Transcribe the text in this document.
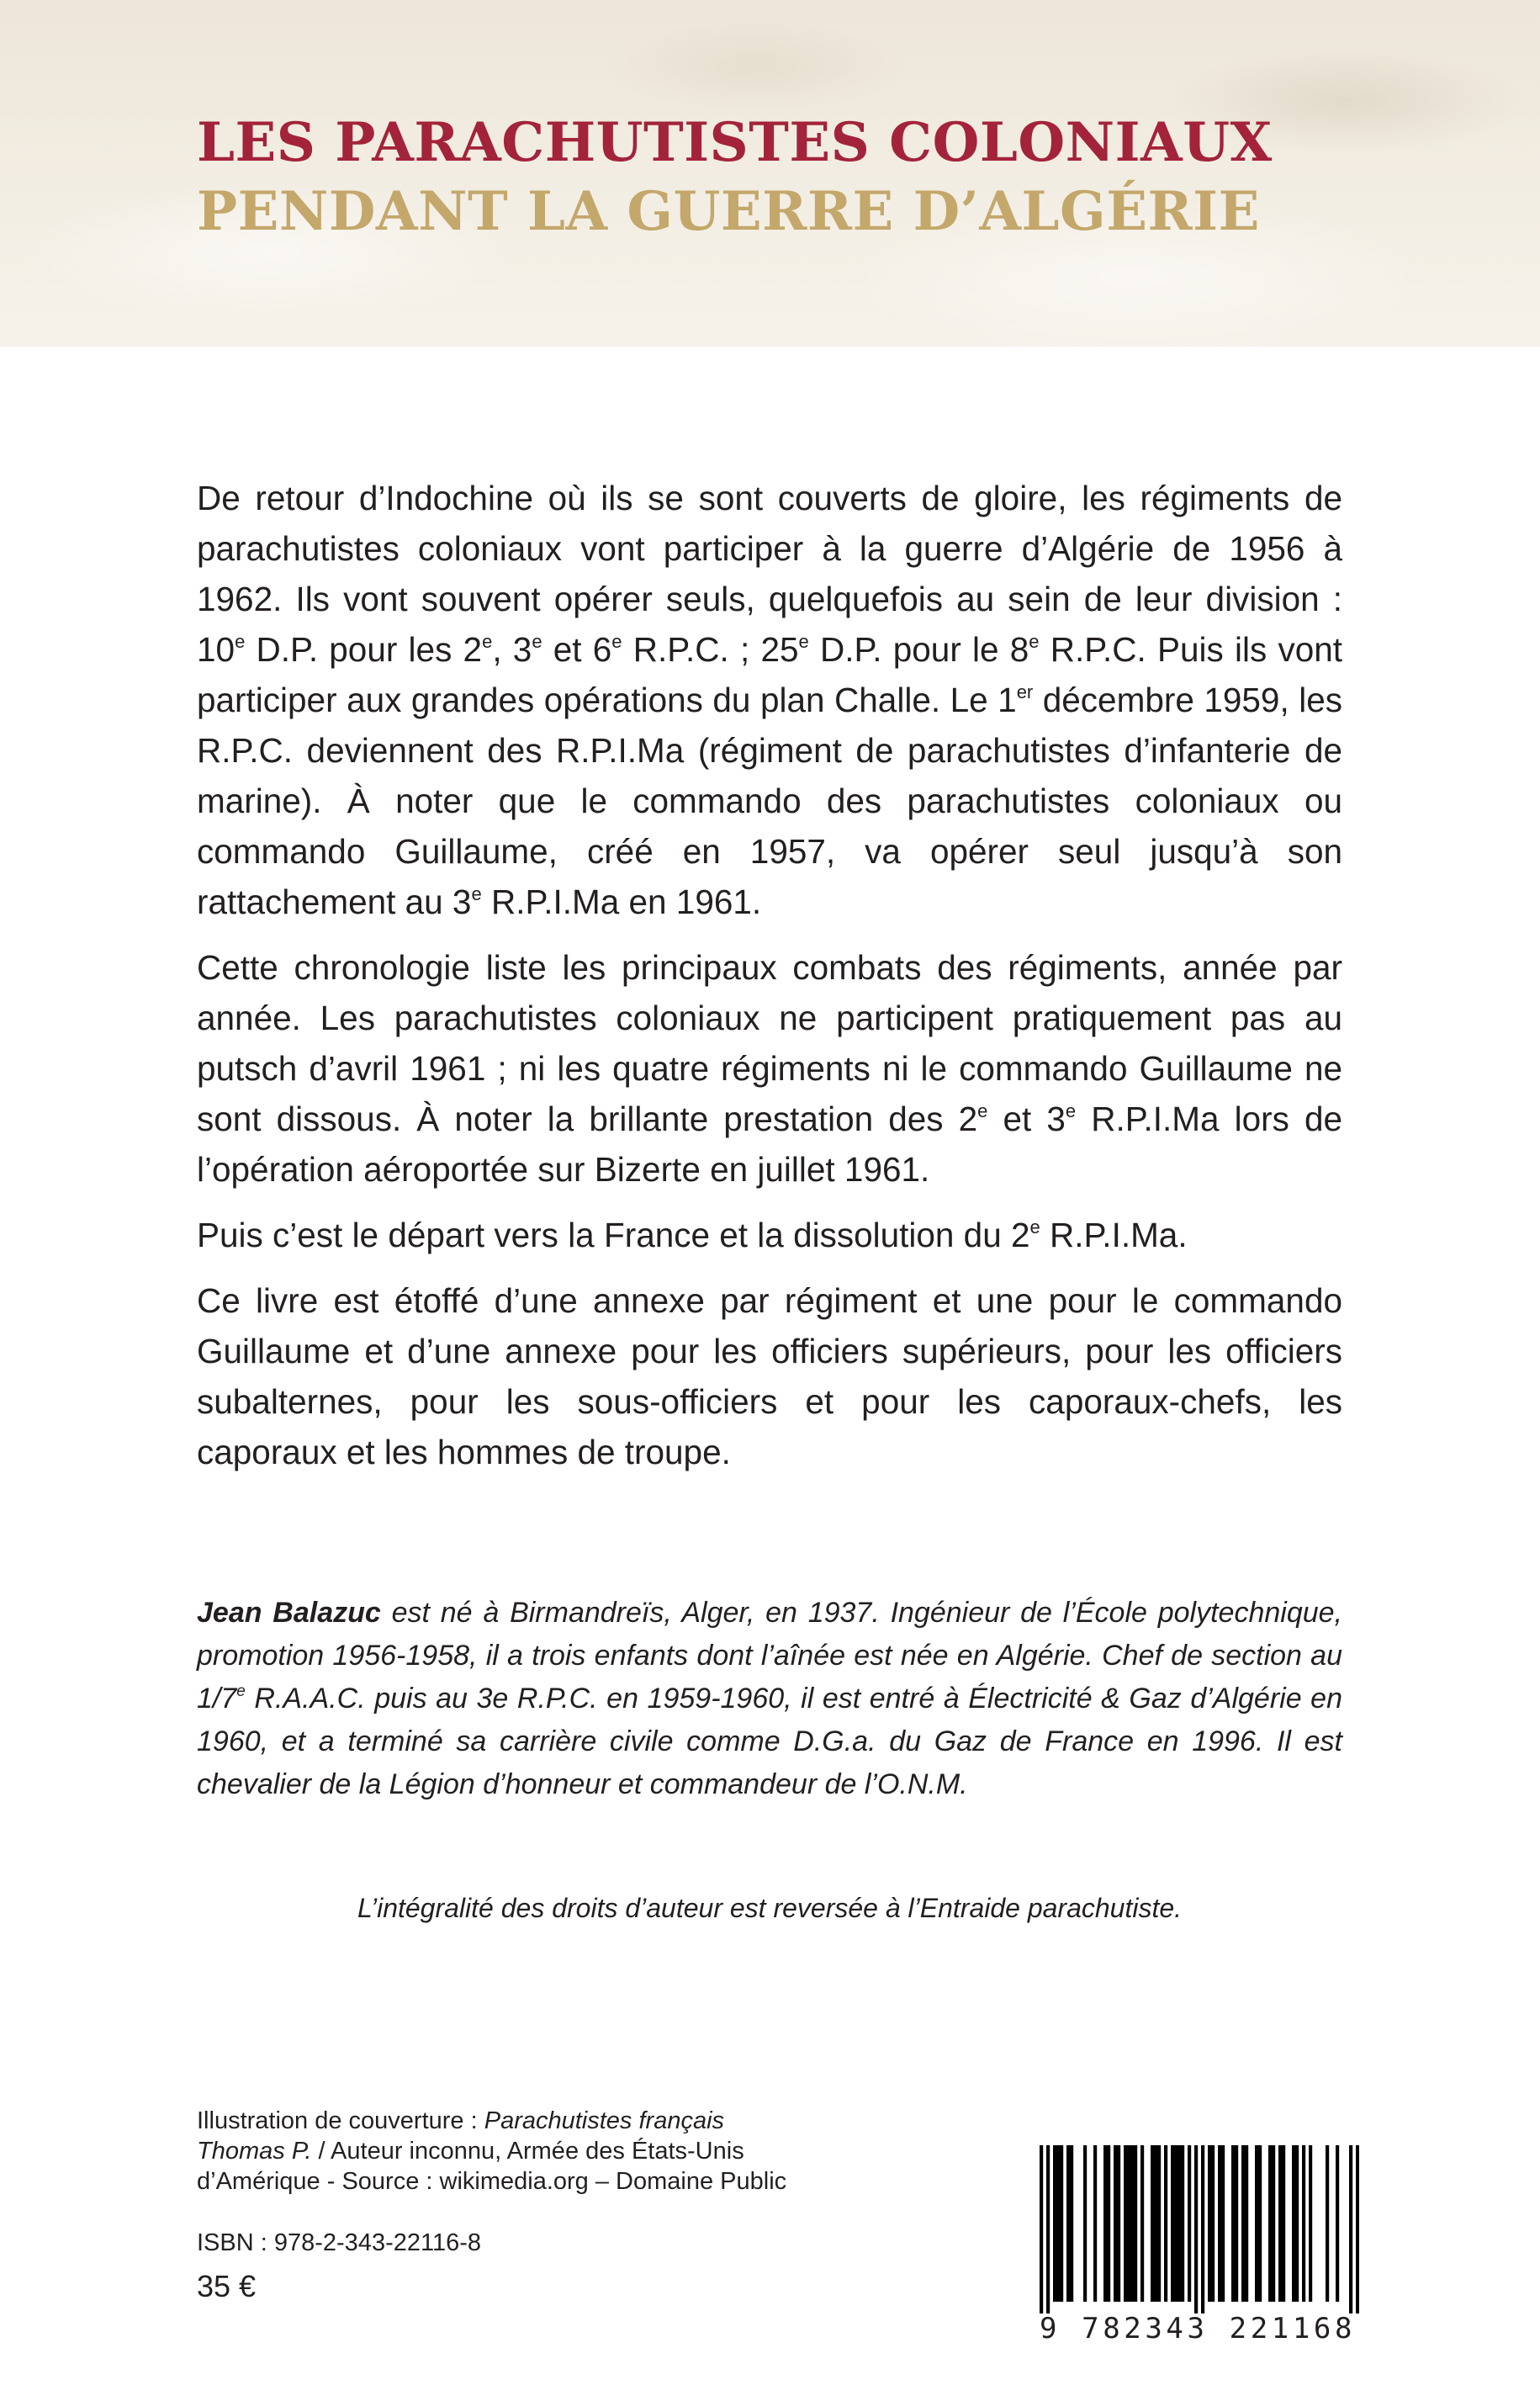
LES PARACHUTISTES COLONIAUX
PENDANT LA GUERRE D’ALGÉRIE

De retour d’Indochine où ils se sont couverts de gloire, les régiments de parachutistes coloniaux vont participer à la guerre d’Algérie de 1956 à 1962. Ils vont souvent opérer seuls, quelquefois au sein de leur division : 10e D.P. pour les 2e, 3e et 6e R.P.C. ; 25e D.P. pour le 8e R.P.C. Puis ils vont participer aux grandes opérations du plan Challe. Le 1er décembre 1959, les R.P.C. deviennent des R.P.I.Ma (régiment de parachutistes d’infanterie de marine). À noter que le commando des parachutistes coloniaux ou commando Guillaume, créé en 1957, va opérer seul jusqu’à son rattachement au 3e R.P.I.Ma en 1961.

Cette chronologie liste les principaux combats des régiments, année par année. Les parachutistes coloniaux ne participent pratiquement pas au putsch d’avril 1961 ; ni les quatre régiments ni le commando Guillaume ne sont dissous. À noter la brillante prestation des 2e et 3e R.P.I.Ma lors de l’opération aéroportée sur Bizerte en juillet 1961.

Puis c’est le départ vers la France et la dissolution du 2e R.P.I.Ma.

Ce livre est étoffé d’une annexe par régiment et une pour le commando Guillaume et d’une annexe pour les officiers supérieurs, pour les officiers subalternes, pour les sous-officiers et pour les caporaux-chefs, les caporaux et les hommes de troupe.

Jean Balazuc est né à Birmandreïs, Alger, en 1937. Ingénieur de l’École polytechnique, promotion 1956-1958, il a trois enfants dont l’aînée est née en Algérie. Chef de section au 1/7e R.A.A.C. puis au 3e R.P.C. en 1959-1960, il est entré à Électricité & Gaz d’Algérie en 1960, et a terminé sa carrière civile comme D.G.a. du Gaz de France en 1996. Il est chevalier de la Légion d’honneur et commandeur de l’O.N.M.

L’intégralité des droits d’auteur est reversée à l’Entraide parachutiste.

Illustration de couverture : Parachutistes français
Thomas P. / Auteur inconnu, Armée des États-Unis
d’Amérique - Source : wikimedia.org – Domaine Public

ISBN : 978-2-343-22116-8

35 €

9 782343 221168
